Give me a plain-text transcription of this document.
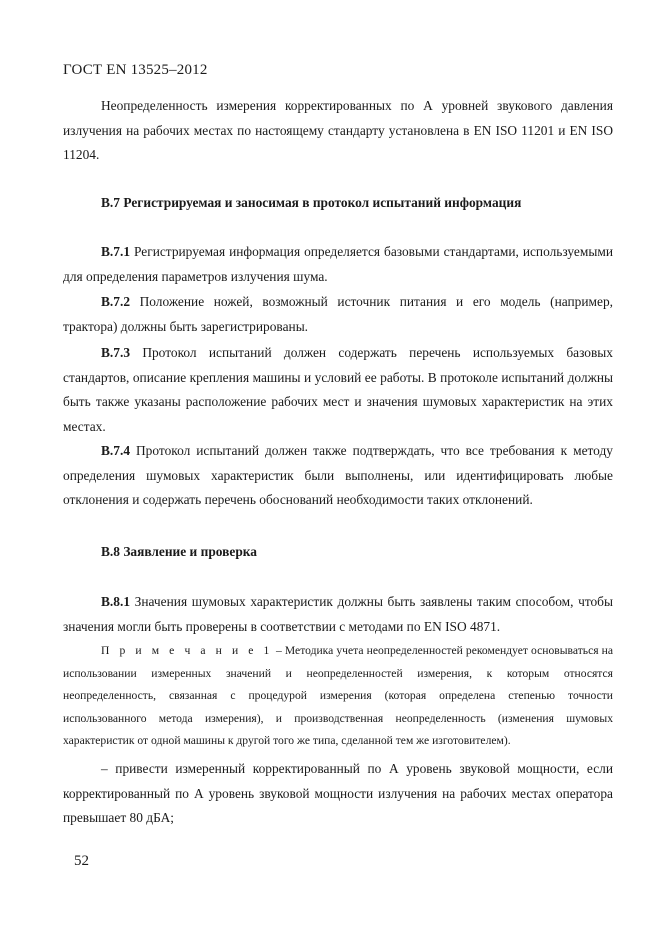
ГОСТ EN 13525–2012
Неопределенность измерения корректированных по А уровней звукового давления излучения на рабочих местах по настоящему стандарту установлена в EN ISO 11201 и EN ISO 11204.
В.7 Регистрируемая и заносимая в протокол испытаний информация
В.7.1 Регистрируемая информация определяется базовыми стандартами, используемыми для определения параметров излучения шума.
В.7.2 Положение ножей, возможный источник питания и его модель (например, трактора) должны быть зарегистрированы.
В.7.3 Протокол испытаний должен содержать перечень используемых базовых стандартов, описание крепления машины и условий ее работы. В протоколе испытаний должны быть также указаны расположение рабочих мест и значения шумовых характеристик на этих местах.
В.7.4 Протокол испытаний должен также подтверждать, что все требования к методу определения шумовых характеристик были выполнены, или идентифицировать любые отклонения и содержать перечень обоснований необходимости таких отклонений.
В.8 Заявление и проверка
В.8.1 Значения шумовых характеристик должны быть заявлены таким способом, чтобы значения могли быть проверены в соответствии с методами по EN ISO 4871.
П р и м е ч а н и е 1 – Методика учета неопределенностей рекомендует основываться на использовании измеренных значений и неопределенностей измерения, к которым относятся неопределенность, связанная с процедурой измерения (которая определена степенью точности использованного метода измерения), и производственная неопределенность (изменения шумовых характеристик от одной машины к другой того же типа, сделанной тем же изготовителем).
– привести измеренный корректированный по А уровень звуковой мощности, если корректированный по А уровень звуковой мощности излучения на рабочих местах оператора превышает 80 дБА;
52
